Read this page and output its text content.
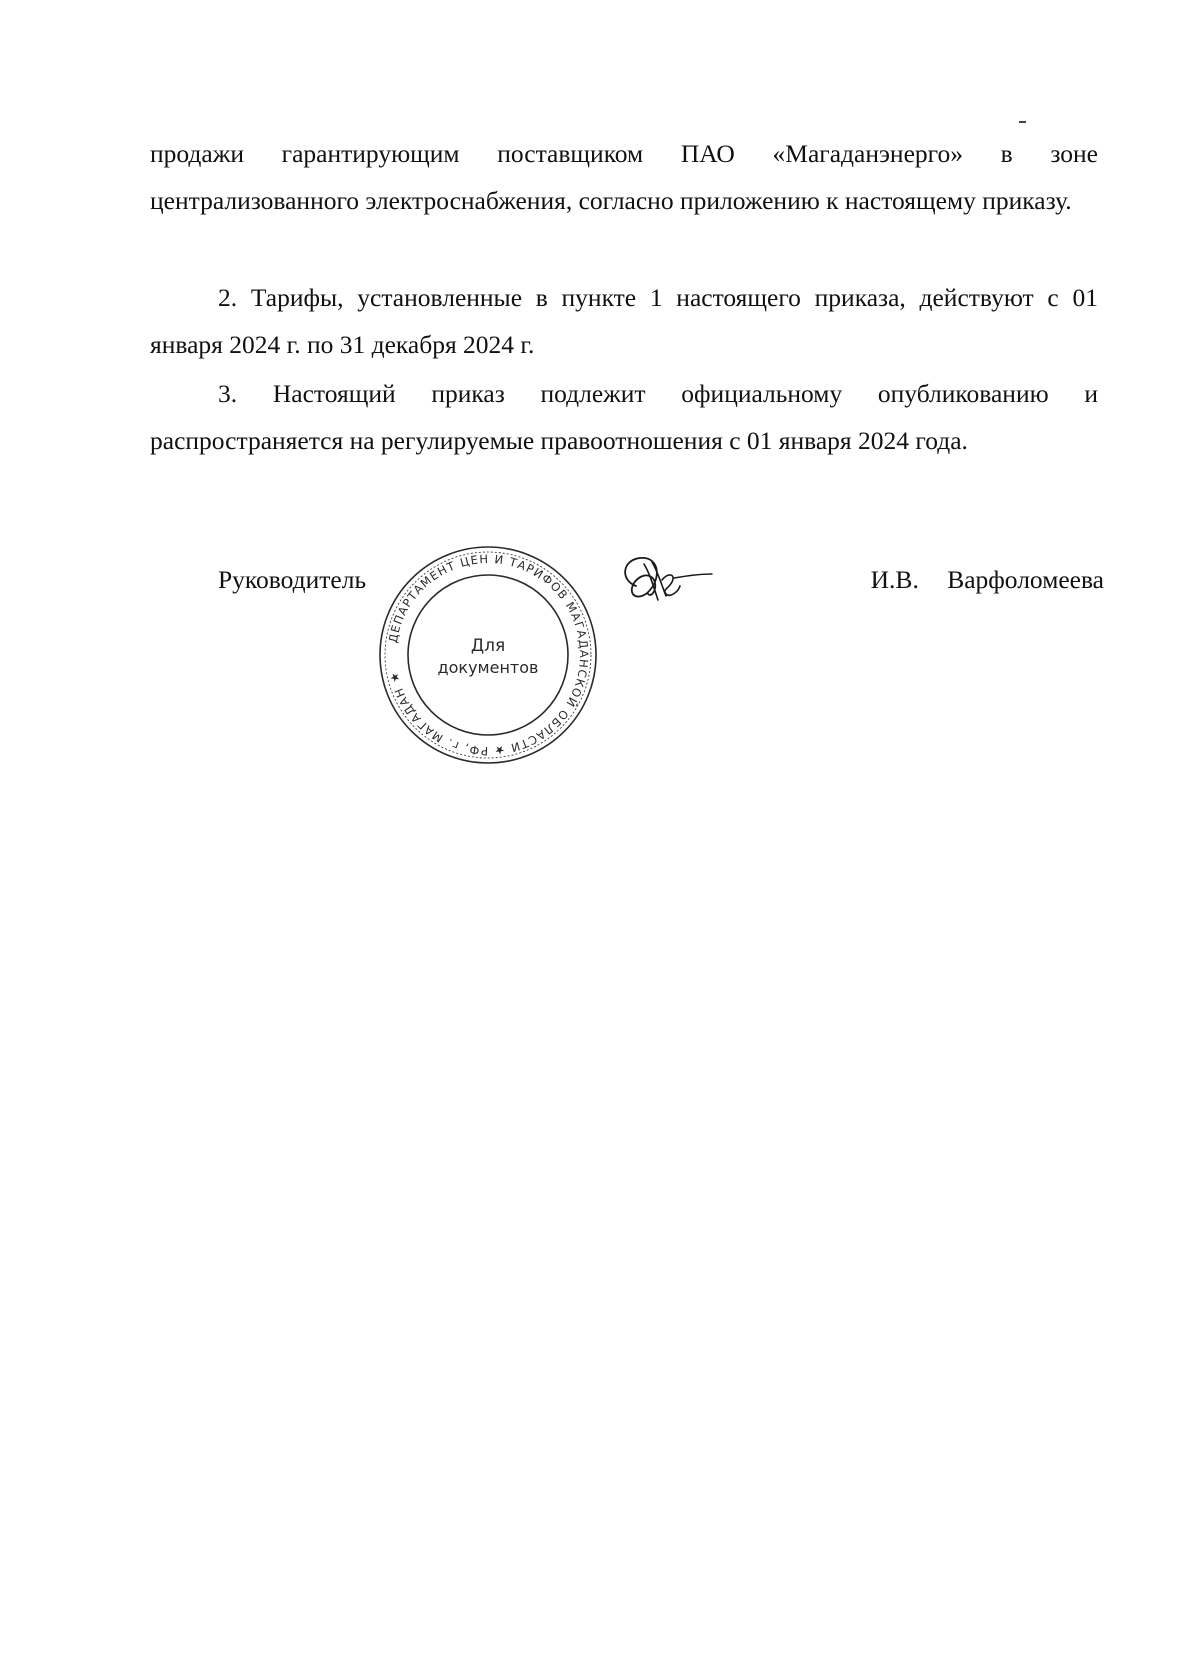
продажи гарантирующим поставщиком ПАО «Магаданэнерго» в зоне централизованного электроснабжения, согласно приложению к настоящему приказу.

2. Тарифы, установленные в пункте 1 настоящего приказа, действуют с 01 января 2024 г. по 31 декабря 2024 г.

3. Настоящий приказ подлежит официальному опубликованию и распространяется на регулируемые правоотношения с 01 января 2024 года.

Руководитель
ДЕПАРТАМЕНТ ЦЕН И ТАРИФОВ МАГАДАНСКОЙ ОБЛАСТИ ★ РФ, г. МАГАДАН ★
Для
документов
И.В. Варфоломеева
